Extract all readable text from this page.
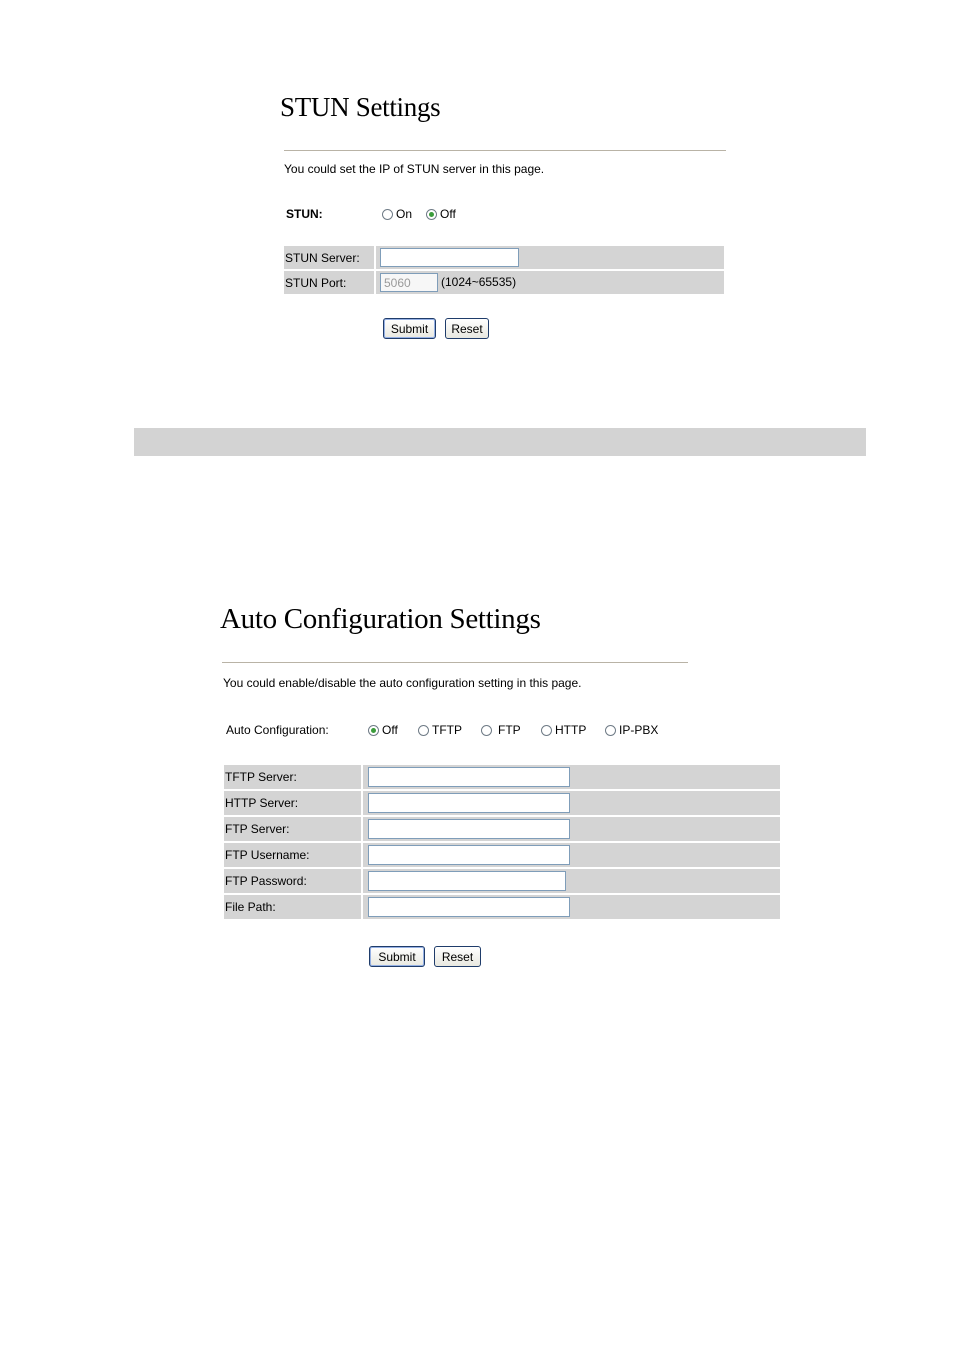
STUN Settings
You could set the IP of STUN server in this page.
STUN:	On Off
STUN Server:	
STUN Port:	5060(1024~65535)
Submit	Reset
Auto Configuration Settings
You could enable/disable the auto configuration setting in this page.
Auto Configuration:	Off	TFTP	FTP	HTTP	IP-PBX
TFTP Server:	
HTTP Server:	
FTP Server:	
FTP Username:	
FTP Password:	
File Path:	
Submit	Reset
